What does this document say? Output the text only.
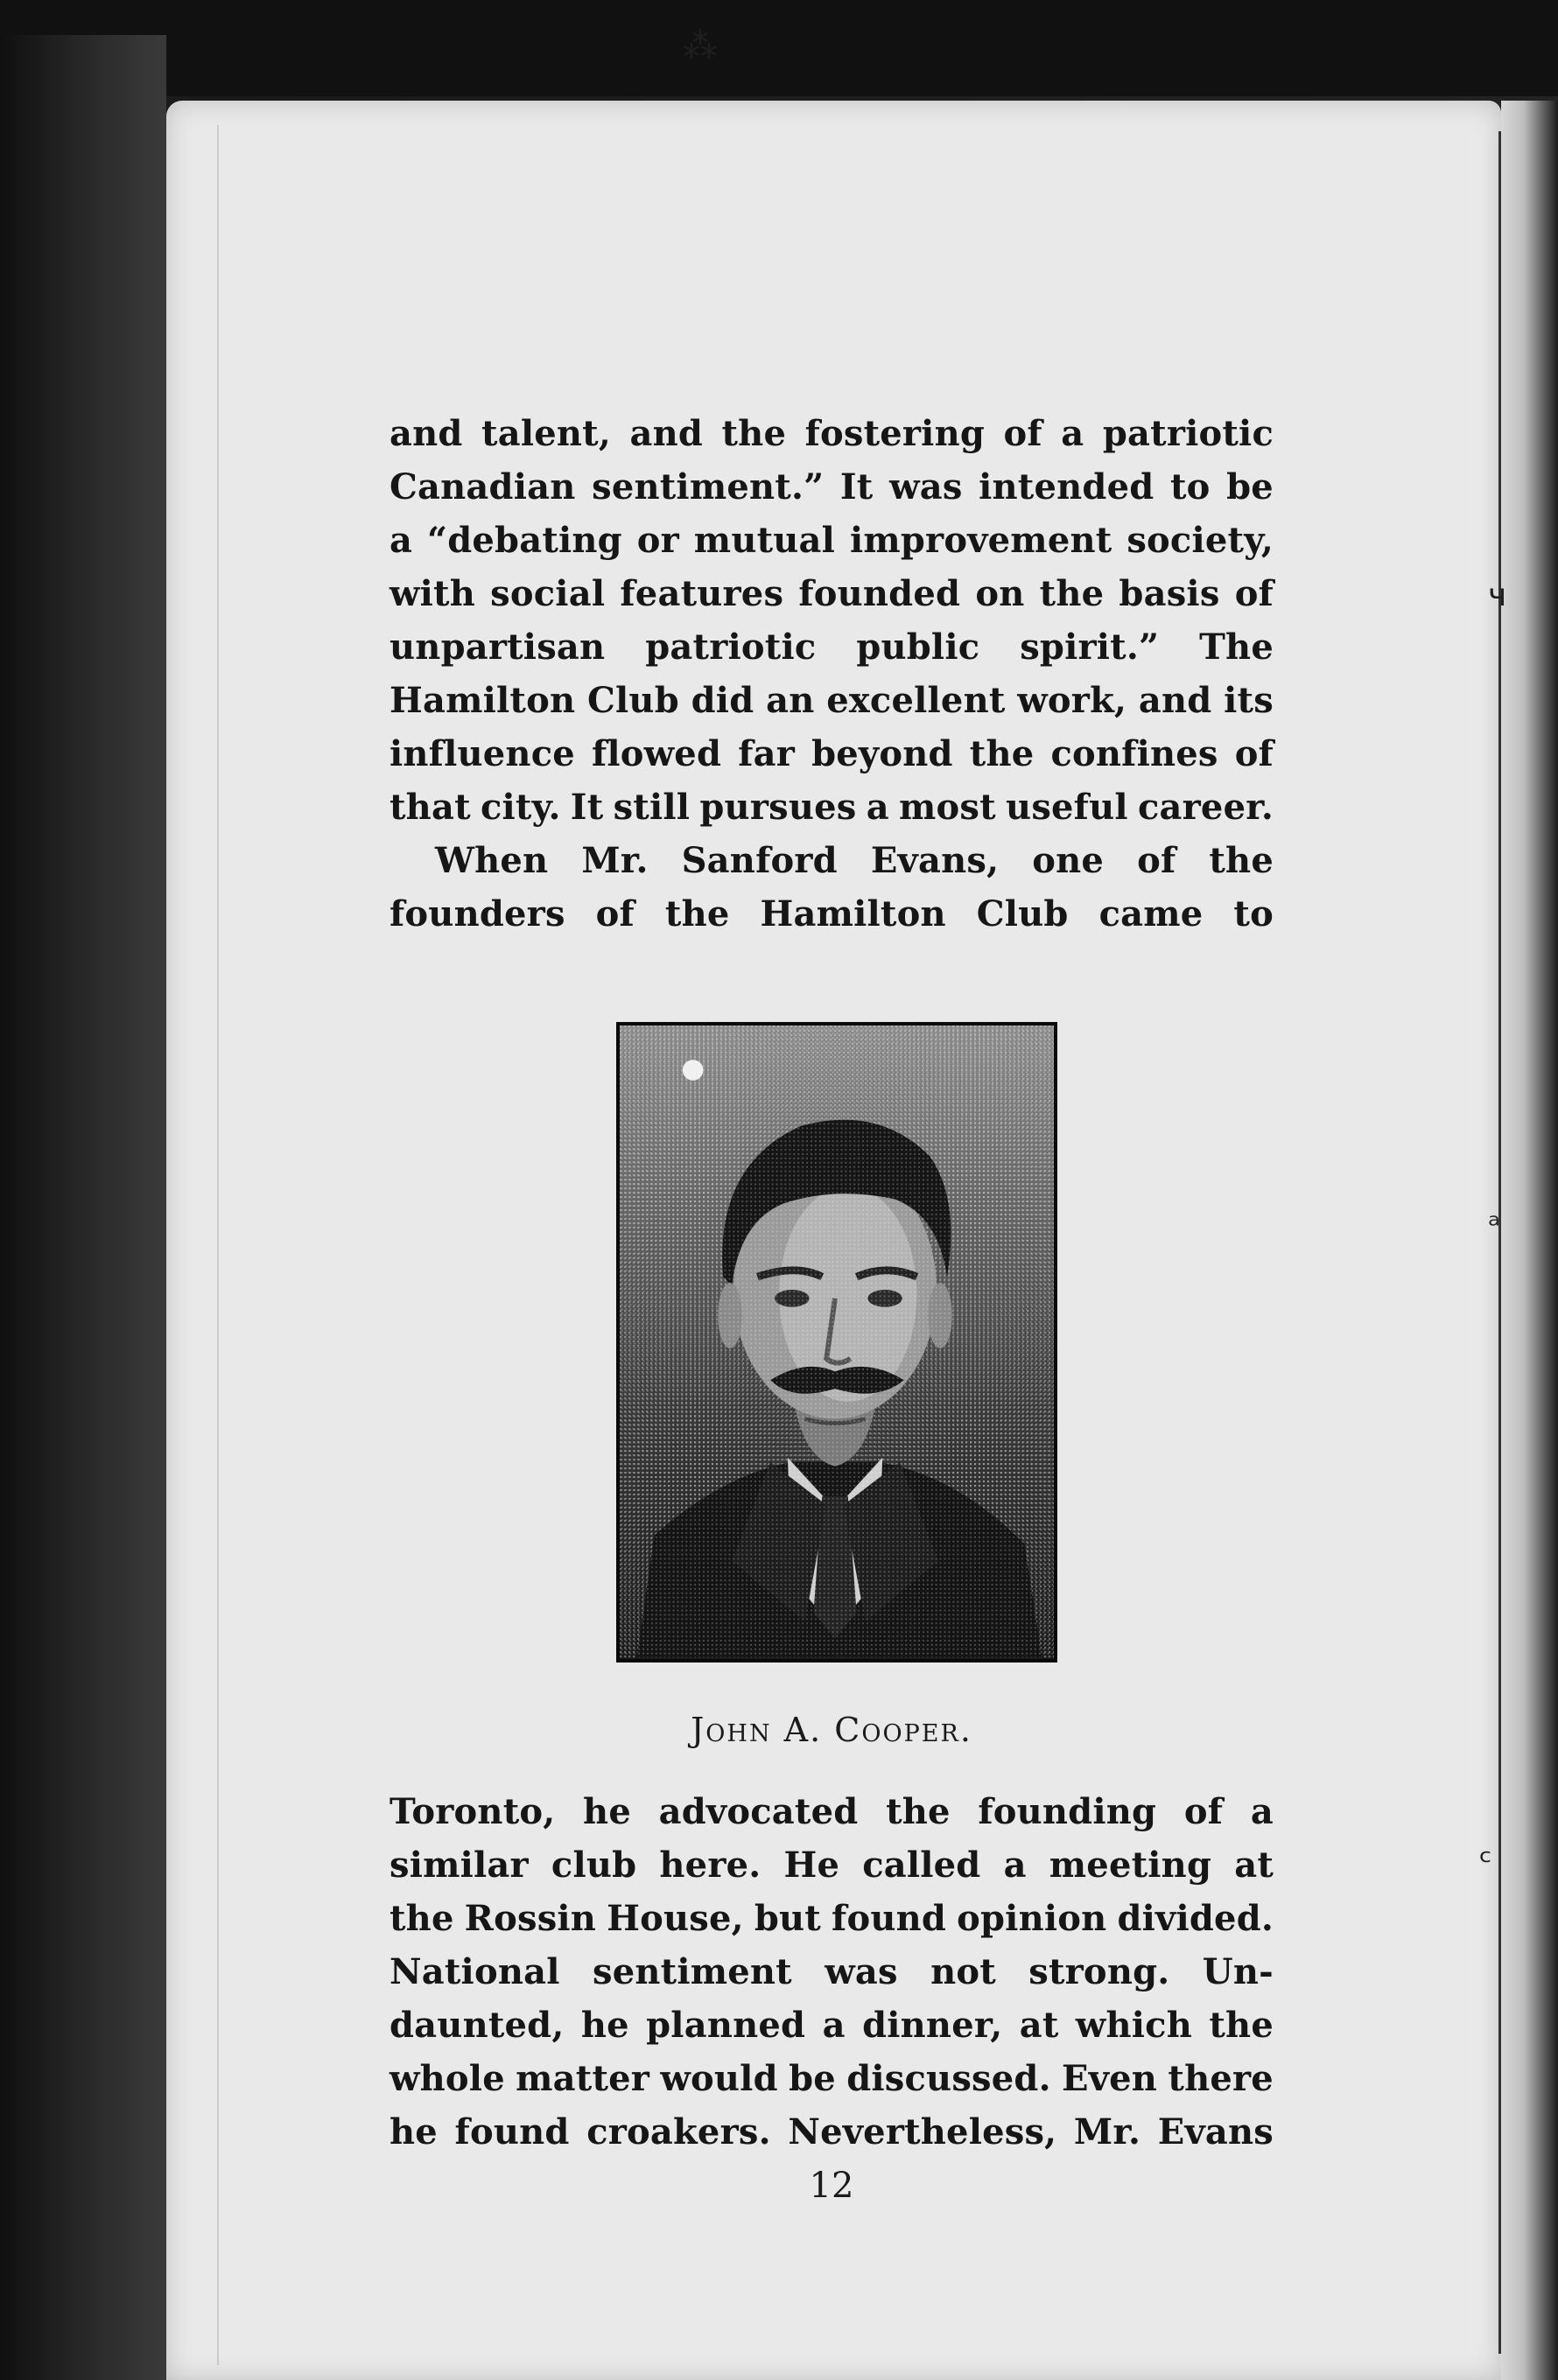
⁂
ч
ᵃ
ᶜ
and talent, and the fostering of a patriotic
Canadian sentiment.” It was intended to be
a “debating or mutual improvement society,
with social features founded on the basis of
unpartisan patriotic public spirit.” The
Hamilton Club did an excellent work, and its
influence flowed far beyond the confines of
that city. It still pursues a most useful career.
When Mr. Sanford Evans, one of the
founders of the Hamilton Club came to

John A. Cooper.

Toronto, he advocated the founding of a
similar club here. He called a meeting at
the Rossin House, but found opinion divided.
National sentiment was not strong. Un-
daunted, he planned a dinner, at which the
whole matter would be discussed. Even there
he found croakers. Nevertheless, Mr. Evans

12
